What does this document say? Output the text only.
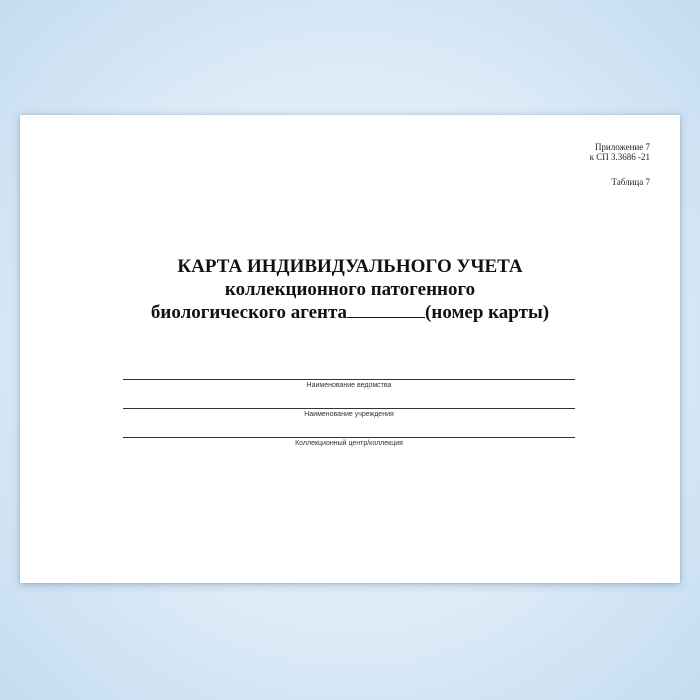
Приложение 7
к СП 3.3686 -21
Таблица 7
КАРТА ИНДИВИДУАЛЬНОГО УЧЕТА
коллекционного патогенного
биологического агента	(номер карты)
Наименование ведомства
Наименование учреждения
Коллекционный центр/коллекция
